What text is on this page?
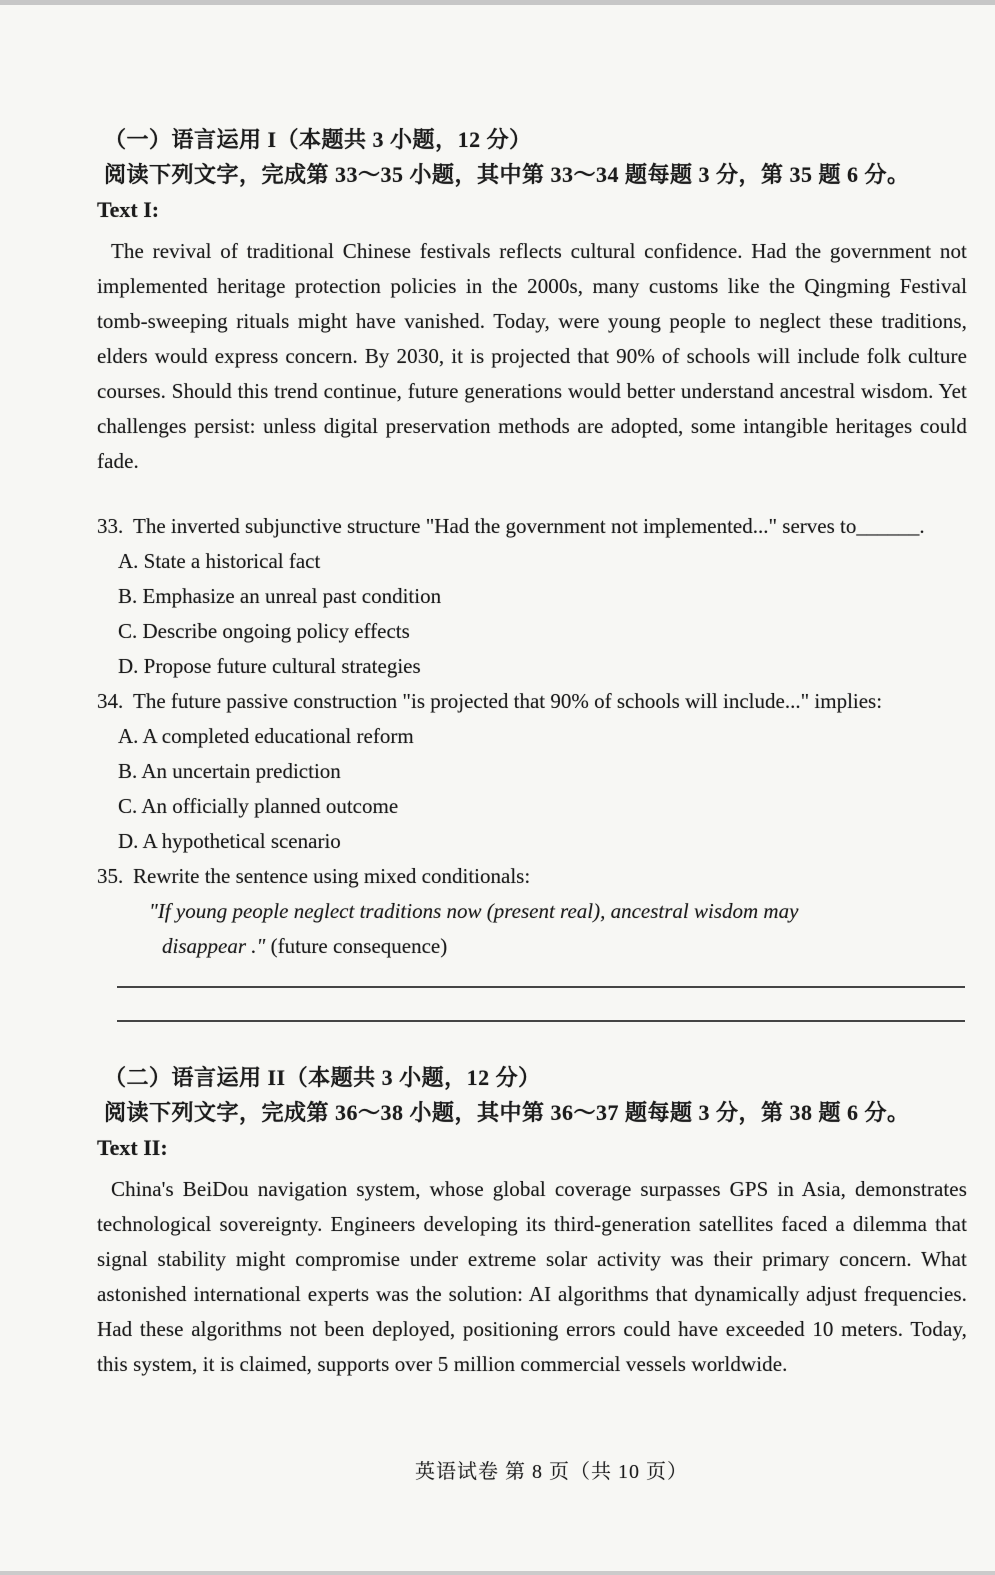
（一）语言运用 I（本题共 3 小题，12 分）
阅读下列文字，完成第 33～35 小题，其中第 33～34 题每题 3 分，第 35 题 6 分。
Text I:

The revival of traditional Chinese festivals reflects cultural confidence. Had the government not implemented heritage protection policies in the 2000s, many customs like the Qingming Festival tomb-sweeping rituals might have vanished. Today, were young people to neglect these traditions, elders would express concern. By 2030, it is projected that 90% of schools will include folk culture courses. Should this trend continue, future generations would better understand ancestral wisdom. Yet challenges persist: unless digital preservation methods are adopted, some intangible heritages could fade.

33. The inverted subjunctive structure "Had the government not implemented..." serves to______.
A. State a historical fact
B. Emphasize an unreal past condition
C. Describe ongoing policy effects
D. Propose future cultural strategies
34. The future passive construction "is projected that 90% of schools will include..." implies:
A. A completed educational reform
B. An uncertain prediction
C. An officially planned outcome
D. A hypothetical scenario
35. Rewrite the sentence using mixed conditionals:
"If young people neglect traditions now (present real), ancestral wisdom may
disappear ." (future consequence)
（二）语言运用 II（本题共 3 小题，12 分）
阅读下列文字，完成第 36～38 小题，其中第 36～37 题每题 3 分，第 38 题 6 分。
Text II:

China's BeiDou navigation system, whose global coverage surpasses GPS in Asia, demonstrates technological sovereignty. Engineers developing its third-generation satellites faced a dilemma that signal stability might compromise under extreme solar activity was their primary concern. What astonished international experts was the solution: AI algorithms that dynamically adjust frequencies. Had these algorithms not been deployed, positioning errors could have exceeded 10 meters. Today, this system, it is claimed, supports over 5 million commercial vessels worldwide.

英语试卷 第 8 页（共 10 页）
